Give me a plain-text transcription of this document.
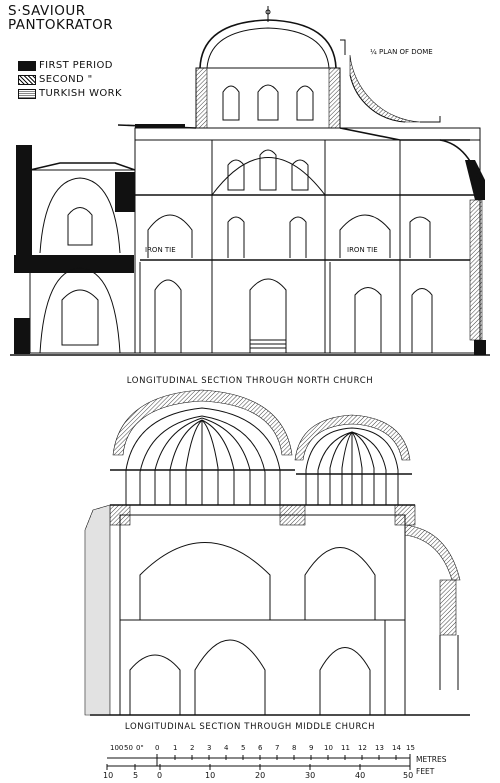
S·SAVIOUR
PANTOKRATOR
FIRST PERIOD
SECOND "
TURKISH WORK
¼ PLAN OF DOME
IRON TIE	IRON TIE
LONGITUDINAL SECTION THROUGH NORTH CHURCH
LONGITUDINAL SECTION THROUGH MIDDLE CHURCH
100 50 0" 0 1 2 3 4 5 6 7 8 9 10 11 12 13 14 15
METRES
FEET
10 5 0	10	20	30	40	50
